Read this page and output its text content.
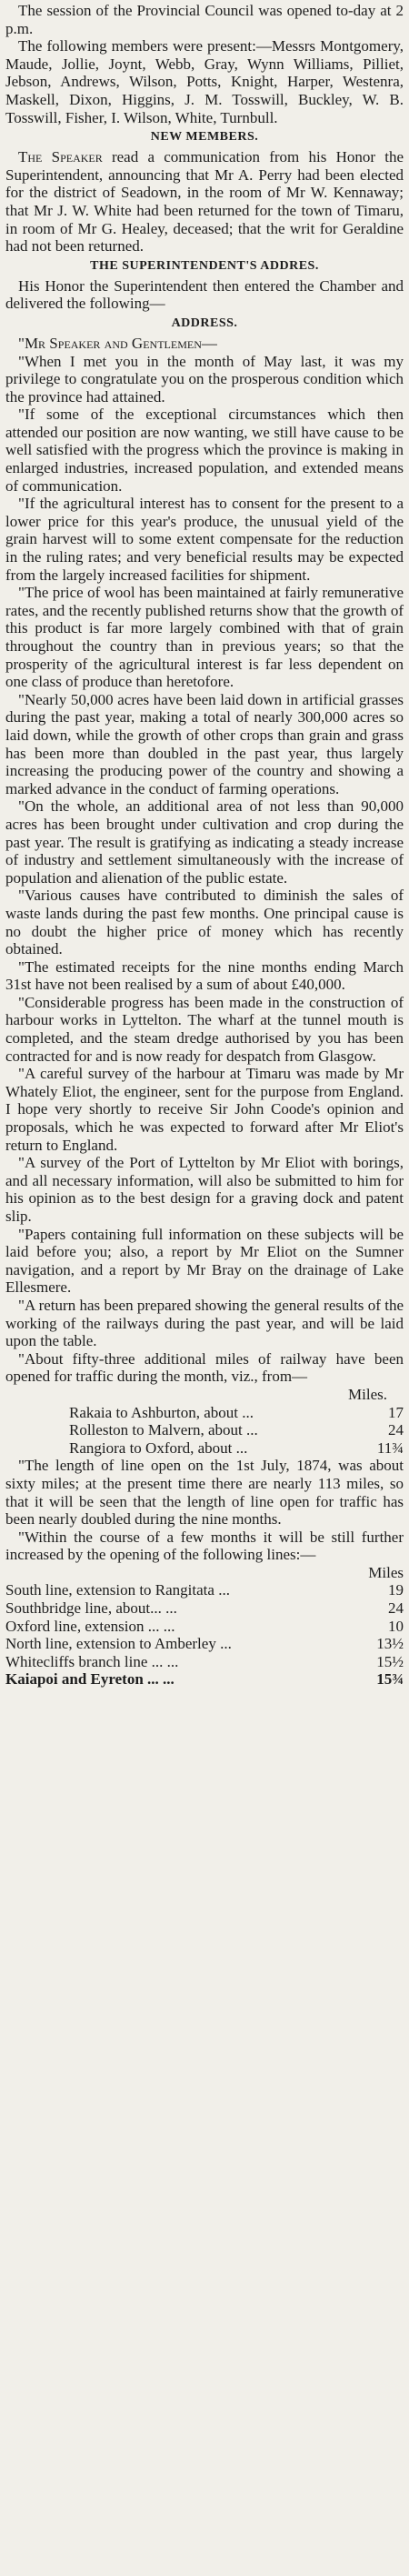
The session of the Provincial Council was opened to-day at 2 p.m.

The following members were present:—Messrs Montgomery, Maude, Jollie, Joynt, Webb, Gray, Wynn Williams, Pilliet, Jebson, Andrews, Wilson, Potts, Knight, Harper, Westenra, Maskell, Dixon, Higgins, J. M. Tosswill, Buckley, W. B. Tosswill, Fisher, I. Wilson, White, Turnbull.

NEW MEMBERS.

The Speaker read a communication from his Honor the Superintendent, announcing that Mr A. Perry had been elected for the district of Seadown, in the room of Mr W. Kennaway; that Mr J. W. White had been returned for the town of Timaru, in room of Mr G. Healey, deceased; that the writ for Geraldine had not been returned.

THE SUPERINTENDENT'S ADDRES.

His Honor the Superintendent then entered the Chamber and delivered the following—

ADDRESS.

"Mr Speaker and Gentlemen—

"When I met you in the month of May last, it was my privilege to congratulate you on the prosperous condition which the province had attained.

"If some of the exceptional circumstances which then attended our position are now wanting, we still have cause to be well satisfied with the progress which the province is making in enlarged industries, increased population, and extended means of communication.

"If the agricultural interest has to consent for the present to a lower price for this year's produce, the unusual yield of the grain harvest will to some extent compensate for the reduction in the ruling rates; and very beneficial results may be expected from the largely increased facilities for shipment.

"The price of wool has been maintained at fairly remunerative rates, and the recently published returns show that the growth of this product is far more largely combined with that of grain throughout the country than in previous years; so that the prosperity of the agricultural interest is far less dependent on one class of produce than heretofore.

"Nearly 50,000 acres have been laid down in artificial grasses during the past year, making a total of nearly 300,000 acres so laid down, while the growth of other crops than grain and grass has been more than doubled in the past year, thus largely increasing the producing power of the country and showing a marked advance in the conduct of farming operations.

"On the whole, an additional area of not less than 90,000 acres has been brought under cultivation and crop during the past year. The result is gratifying as indicating a steady increase of industry and settlement simultaneously with the increase of population and alienation of the public estate.

"Various causes have contributed to diminish the sales of waste lands during the past few months. One principal cause is no doubt the higher price of money which has recently obtained.

"The estimated receipts for the nine months ending March 31st have not been realised by a sum of about £40,000.

"Considerable progress has been made in the construction of harbour works in Lyttelton. The wharf at the tunnel mouth is completed, and the steam dredge authorised by you has been contracted for and is now ready for despatch from Glasgow.

"A careful survey of the harbour at Timaru was made by Mr Whately Eliot, the engineer, sent for the purpose from England. I hope very shortly to receive Sir John Coode's opinion and proposals, which he was expected to forward after Mr Eliot's return to England.

"A survey of the Port of Lyttelton by Mr Eliot with borings, and all necessary information, will also be submitted to him for his opinion as to the best design for a graving dock and patent slip.

"Papers containing full information on these subjects will be laid before you; also, a report by Mr Eliot on the Sumner navigation, and a report by Mr Bray on the drainage of Lake Ellesmere.

"A return has been prepared showing the general results of the working of the railways during the past year, and will be laid upon the table.

"About fifty-three additional miles of railway have been opened for traffic during the month, viz., from—

Miles.
Rakaia to Ashburton, about ...	17
Rolleston to Malvern, about ...	24
Rangiora to Oxford, about ...	11¾

"The length of line open on the 1st July, 1874, was about sixty miles; at the present time there are nearly 113 miles, so that it will be seen that the length of line open for traffic has been nearly doubled during the nine months.

"Within the course of a few months it will be still further increased by the opening of the following lines:—

Miles
South line, extension to Rangitata ...	19
Southbridge line, about... ...	24
Oxford line, extension ... ...	10
North line, extension to Amberley ...	13½
Whitecliffs branch line ... ...	15½
Kaiapoi and Eyreton ... ...	15¾
